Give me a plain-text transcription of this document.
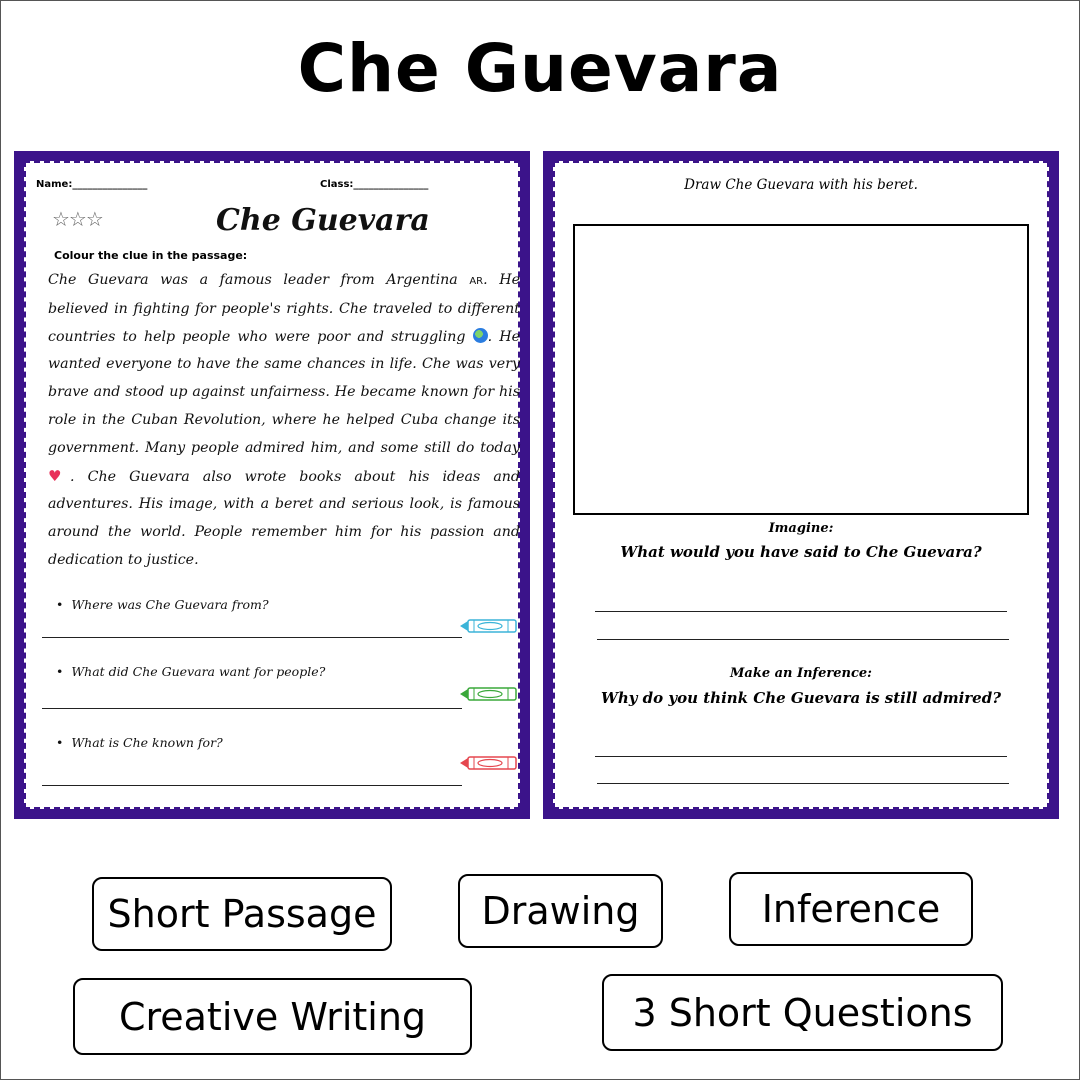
Che Guevara
Name:_______________	Class:_______________
☆☆☆	Che Guevara
Colour the clue in the passage:
Che Guevara was a famous leader from Argentina AR. He believed in fighting for people's rights. Che traveled to different countries to help people who were poor and struggling . He wanted everyone to have the same chances in life. Che was very brave and stood up against unfairness. He became known for his role in the Cuban Revolution, where he helped Cuba change its government. Many people admired him, and some still do today ♥. Che Guevara also wrote books about his ideas and adventures. His image, with a beret and serious look, is famous around the world. People remember him for his passion and dedication to justice.
•  Where was Che Guevara from?
•  What did Che Guevara want for people?
•  What is Che known for?
Draw Che Guevara with his beret.
Imagine:
What would you have said to Che Guevara?
Make an Inference:
Why do you think Che Guevara is still admired?
Short Passage	Drawing	Inference
Creative Writing	3 Short Questions
